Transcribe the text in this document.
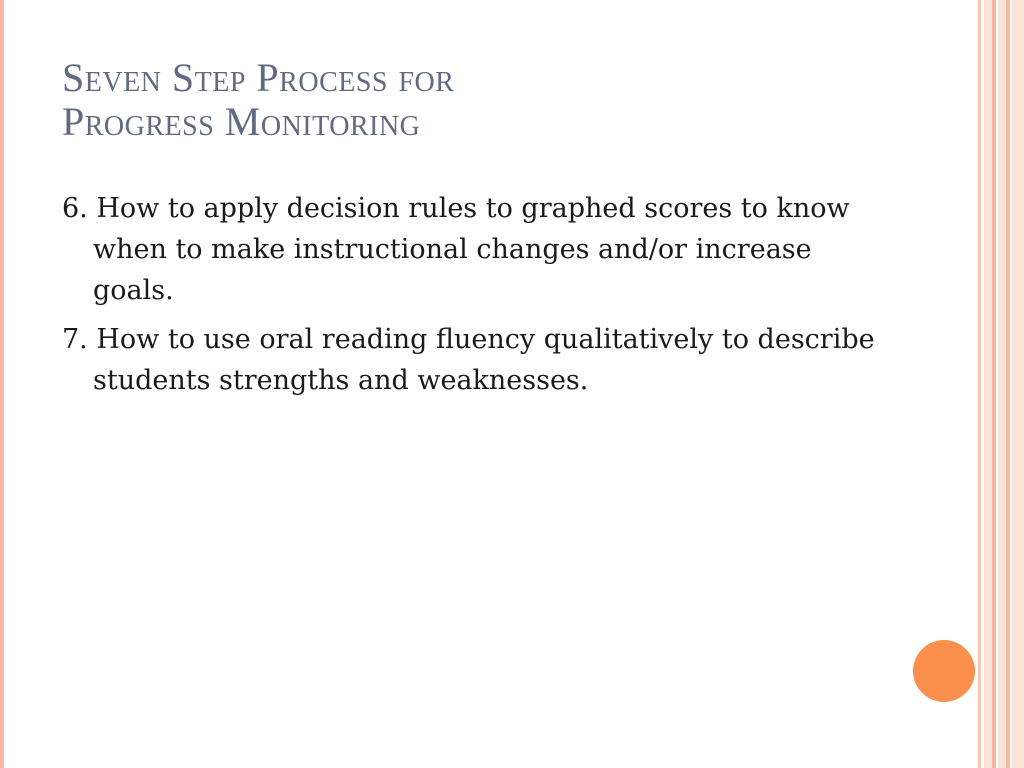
Seven Step Process for
Progress Monitoring

6. How to apply decision rules to graphed scores to know when to make instructional changes and/or increase goals.

7. How to use oral reading fluency qualitatively to describe students strengths and weaknesses.
